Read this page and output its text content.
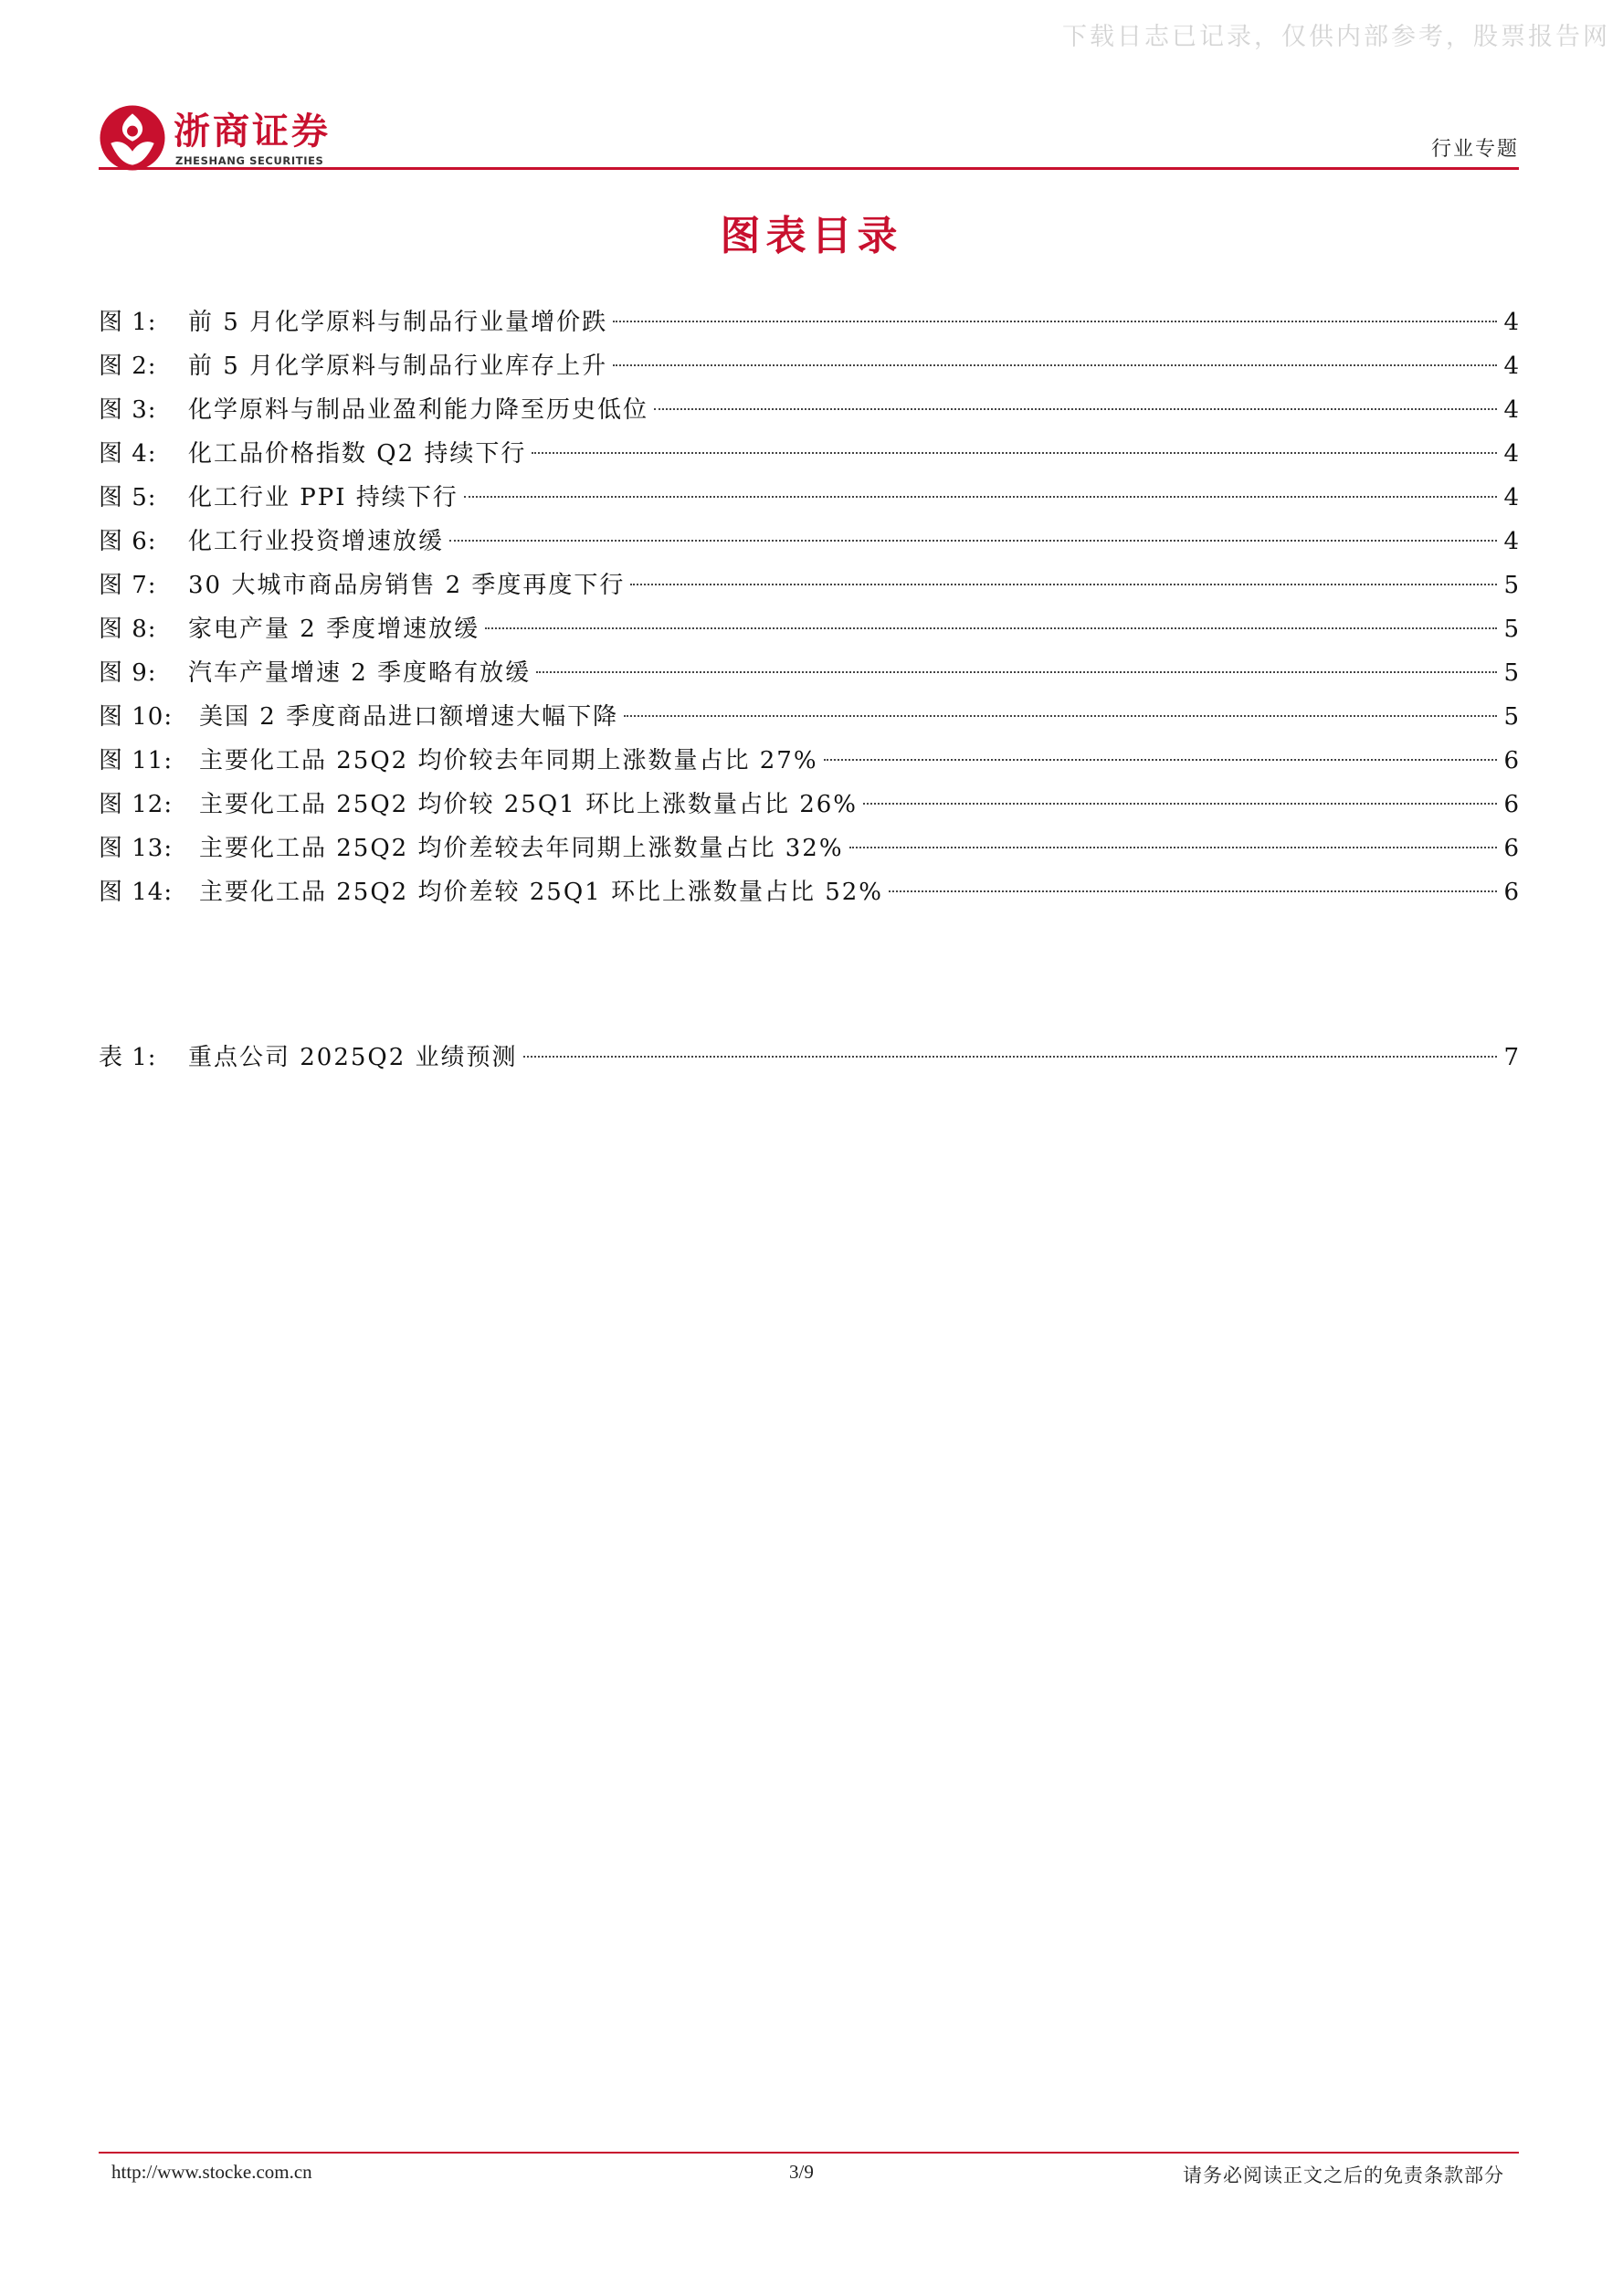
下载日志已记录，仅供内部参考，股票报告网
浙商证券
ZHESHANG SECURITIES	行业专题
图表目录
图 1:	前 5 月化学原料与制品行业量增价跌	4
图 2:	前 5 月化学原料与制品行业库存上升	4
图 3:	化学原料与制品业盈利能力降至历史低位	4
图 4:	化工品价格指数 Q2 持续下行	4
图 5:	化工行业 PPI 持续下行	4
图 6:	化工行业投资增速放缓	4
图 7:	30 大城市商品房销售 2 季度再度下行	5
图 8:	家电产量 2 季度增速放缓	5
图 9:	汽车产量增速 2 季度略有放缓	5
图 10:	美国 2 季度商品进口额增速大幅下降	5
图 11:	主要化工品 25Q2 均价较去年同期上涨数量占比 27%	6
图 12:	主要化工品 25Q2 均价较 25Q1 环比上涨数量占比 26%	6
图 13:	主要化工品 25Q2 均价差较去年同期上涨数量占比 32%	6
图 14:	主要化工品 25Q2 均价差较 25Q1 环比上涨数量占比 52%	6
表 1:	重点公司 2025Q2 业绩预测	7
http://www.stocke.com.cn	3/9	请务必阅读正文之后的免责条款部分
